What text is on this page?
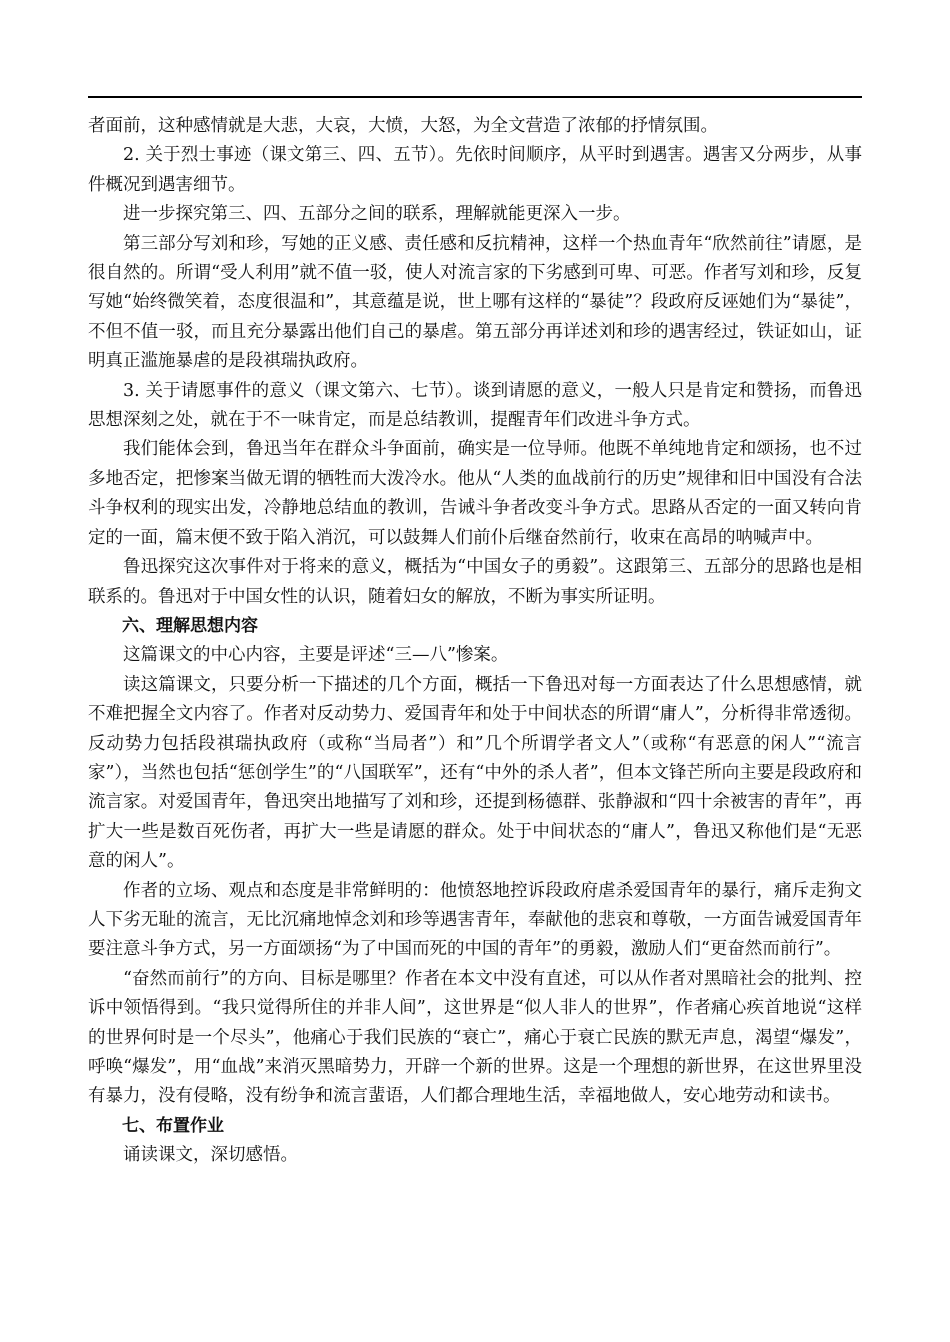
者面前，这种感情就是大悲，大哀，大愤，大怒，为全文营造了浓郁的抒情氛围。

2. 关于烈士事迹（课文第三、四、五节）。先依时间顺序，从平时到遇害。遇害又分两步，从事件概况到遇害细节。

进一步探究第三、四、五部分之间的联系，理解就能更深入一步。

第三部分写刘和珍，写她的正义感、责任感和反抗精神，这样一个热血青年“欣然前往”请愿，是很自然的。所谓“受人利用”就不值一驳，使人对流言家的下劣感到可卑、可恶。作者写刘和珍，反复写她“始终微笑着，态度很温和”，其意蕴是说，世上哪有这样的“暴徒”？段政府反诬她们为“暴徒”，不但不值一驳，而且充分暴露出他们自己的暴虐。第五部分再详述刘和珍的遇害经过，铁证如山，证明真正滥施暴虐的是段祺瑞执政府。

3. 关于请愿事件的意义（课文第六、七节）。谈到请愿的意义，一般人只是肯定和赞扬，而鲁迅思想深刻之处，就在于不一味肯定，而是总结教训，提醒青年们改进斗争方式。

我们能体会到，鲁迅当年在群众斗争面前，确实是一位导师。他既不单纯地肯定和颂扬，也不过多地否定，把惨案当做无谓的牺牲而大泼冷水。他从“人类的血战前行的历史”规律和旧中国没有合法斗争权利的现实出发，冷静地总结血的教训，告诫斗争者改变斗争方式。思路从否定的一面又转向肯定的一面，篇末便不致于陷入消沉，可以鼓舞人们前仆后继奋然前行，收束在高昂的呐喊声中。

鲁迅探究这次事件对于将来的意义，概括为“中国女子的勇毅”。这跟第三、五部分的思路也是相联系的。鲁迅对于中国女性的认识，随着妇女的解放，不断为事实所证明。

六、理解思想内容

这篇课文的中心内容，主要是评述“三—八”惨案。

读这篇课文，只要分析一下描述的几个方面，概括一下鲁迅对每一方面表达了什么思想感情，就不难把握全文内容了。作者对反动势力、爱国青年和处于中间状态的所谓“庸人”，分析得非常透彻。反动势力包括段祺瑞执政府（或称“当局者”）和”几个所谓学者文人”（或称“有恶意的闲人”“流言家”），当然也包括“惩创学生”的“八国联军”，还有“中外的杀人者”，但本文锋芒所向主要是段政府和流言家。对爱国青年，鲁迅突出地描写了刘和珍，还提到杨德群、张静淑和“四十余被害的青年”，再扩大一些是数百死伤者，再扩大一些是请愿的群众。处于中间状态的“庸人”，鲁迅又称他们是“无恶意的闲人”。

作者的立场、观点和态度是非常鲜明的：他愤怒地控诉段政府虐杀爱国青年的暴行，痛斥走狗文人下劣无耻的流言，无比沉痛地悼念刘和珍等遇害青年，奉献他的悲哀和尊敬，一方面告诫爱国青年要注意斗争方式，另一方面颂扬“为了中国而死的中国的青年”的勇毅，激励人们“更奋然而前行”。

“奋然而前行”的方向、目标是哪里？作者在本文中没有直述，可以从作者对黑暗社会的批判、控诉中领悟得到。“我只觉得所住的并非人间”，这世界是“似人非人的世界”，作者痛心疾首地说“这样的世界何时是一个尽头”，他痛心于我们民族的“衰亡”，痛心于衰亡民族的默无声息，渴望“爆发”，呼唤“爆发”，用“血战”来消灭黑暗势力，开辟一个新的世界。这是一个理想的新世界，在这世界里没有暴力，没有侵略，没有纷争和流言蜚语，人们都合理地生活，幸福地做人，安心地劳动和读书。

七、布置作业

诵读课文，深切感悟。
